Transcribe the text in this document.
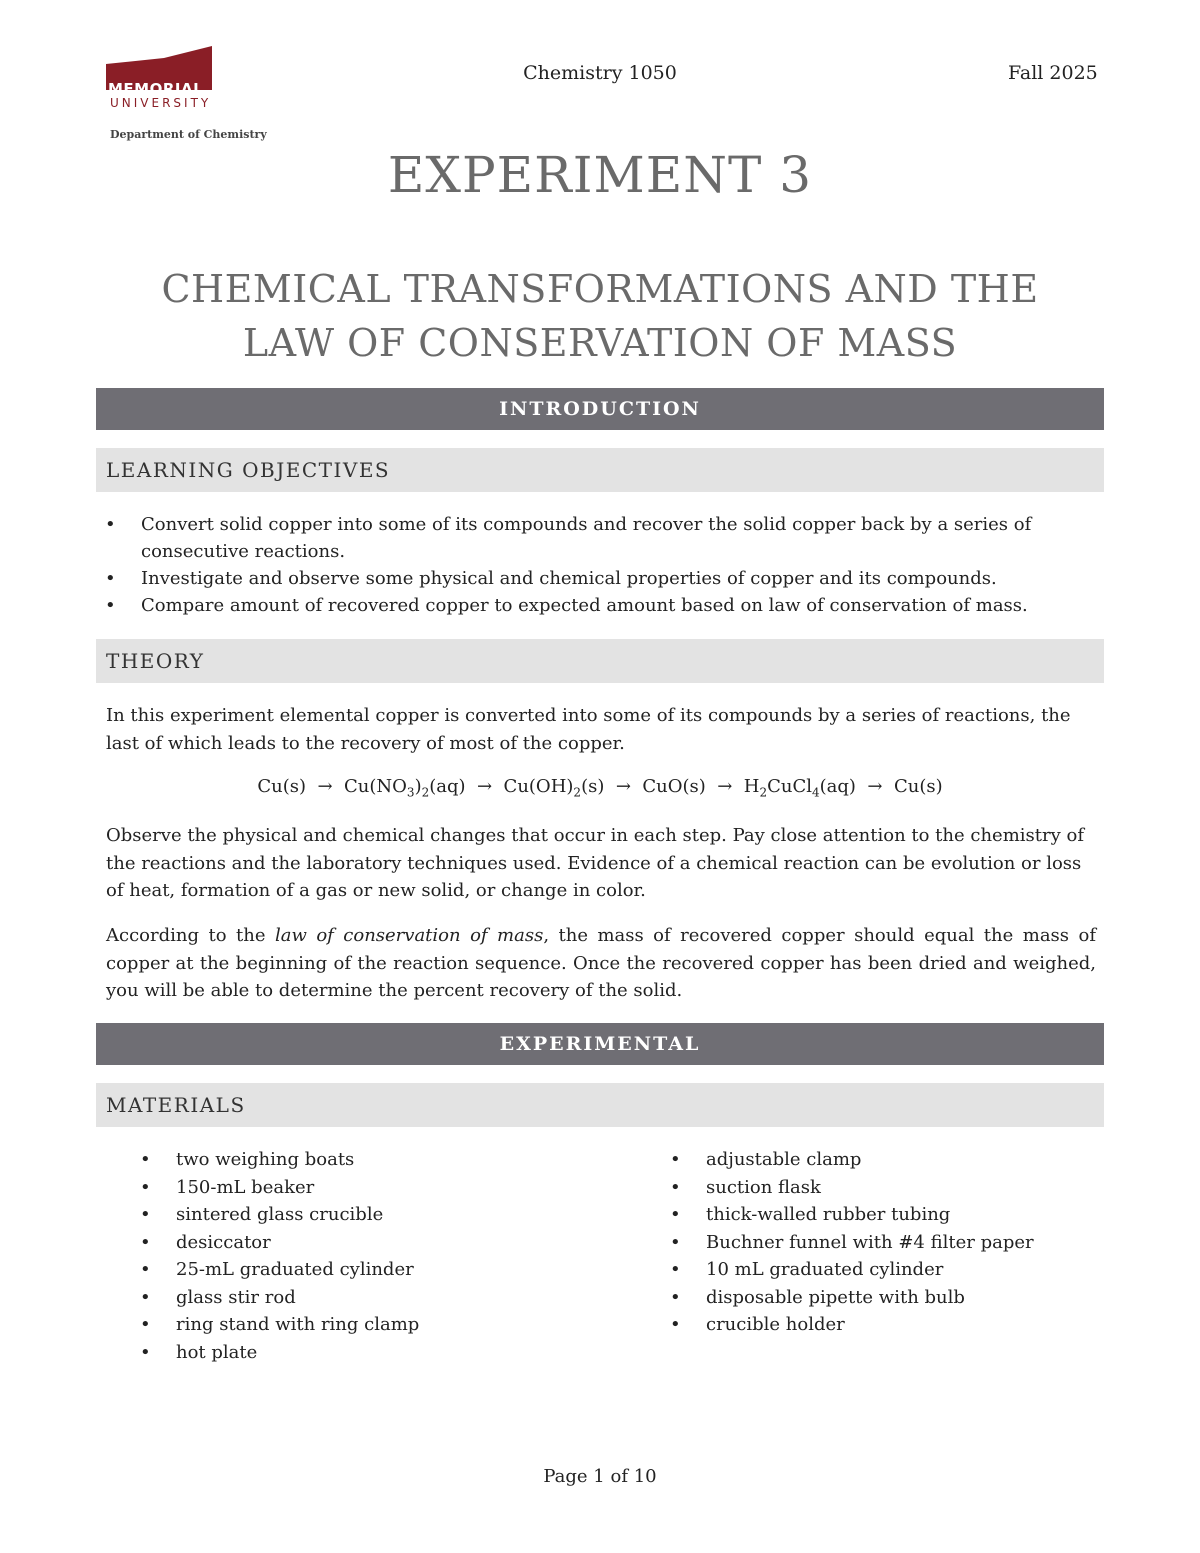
MEMORIAL
UNIVERSITY
Department of Chemistry
Chemistry 1050	Fall 2025
EXPERIMENT 3
CHEMICAL TRANSFORMATIONS AND THE
LAW OF CONSERVATION OF MASS
INTRODUCTION
LEARNING OBJECTIVES
• Convert solid copper into some of its compounds and recover the solid copper back by a series of consecutive reactions.
• Investigate and observe some physical and chemical properties of copper and its compounds.
• Compare amount of recovered copper to expected amount based on law of conservation of mass.
THEORY

In this experiment elemental copper is converted into some of its compounds by a series of reactions, the last of which leads to the recovery of most of the copper.

$Cu(s) \to Cu(NO_3)_2(aq) \to Cu(OH)_2(s) \to CuO(s)$ → $H_2CuCl_4(aq) \to Cu(s)$

Observe the physical and chemical changes that occur in each step. Pay close attention to the chemistry of the reactions and the laboratory techniques used. Evidence of a chemical reaction can be evolution or loss of heat, formation of a gas or new solid, or change in color.

According to the law of conservation of mass, the mass of recovered copper should equal the mass of copper at the beginning of the reaction sequence. Once the recovered copper has been dried and weighed, you will be able to determine the percent recovery of the solid.

EXPERIMENTAL
MATERIALS
• two weighing boats
• 150-mL beaker
• sintered glass crucible
• desiccator
• 25-mL graduated cylinder
• glass stir rod
• ring stand with ring clamp
• hot plate
• adjustable clamp
• suction flask
• thick-walled rubber tubing
• Buchner funnel with #4 filter paper
• 10 mL graduated cylinder
• disposable pipette with bulb
• crucible holder
Page 1 of 10
